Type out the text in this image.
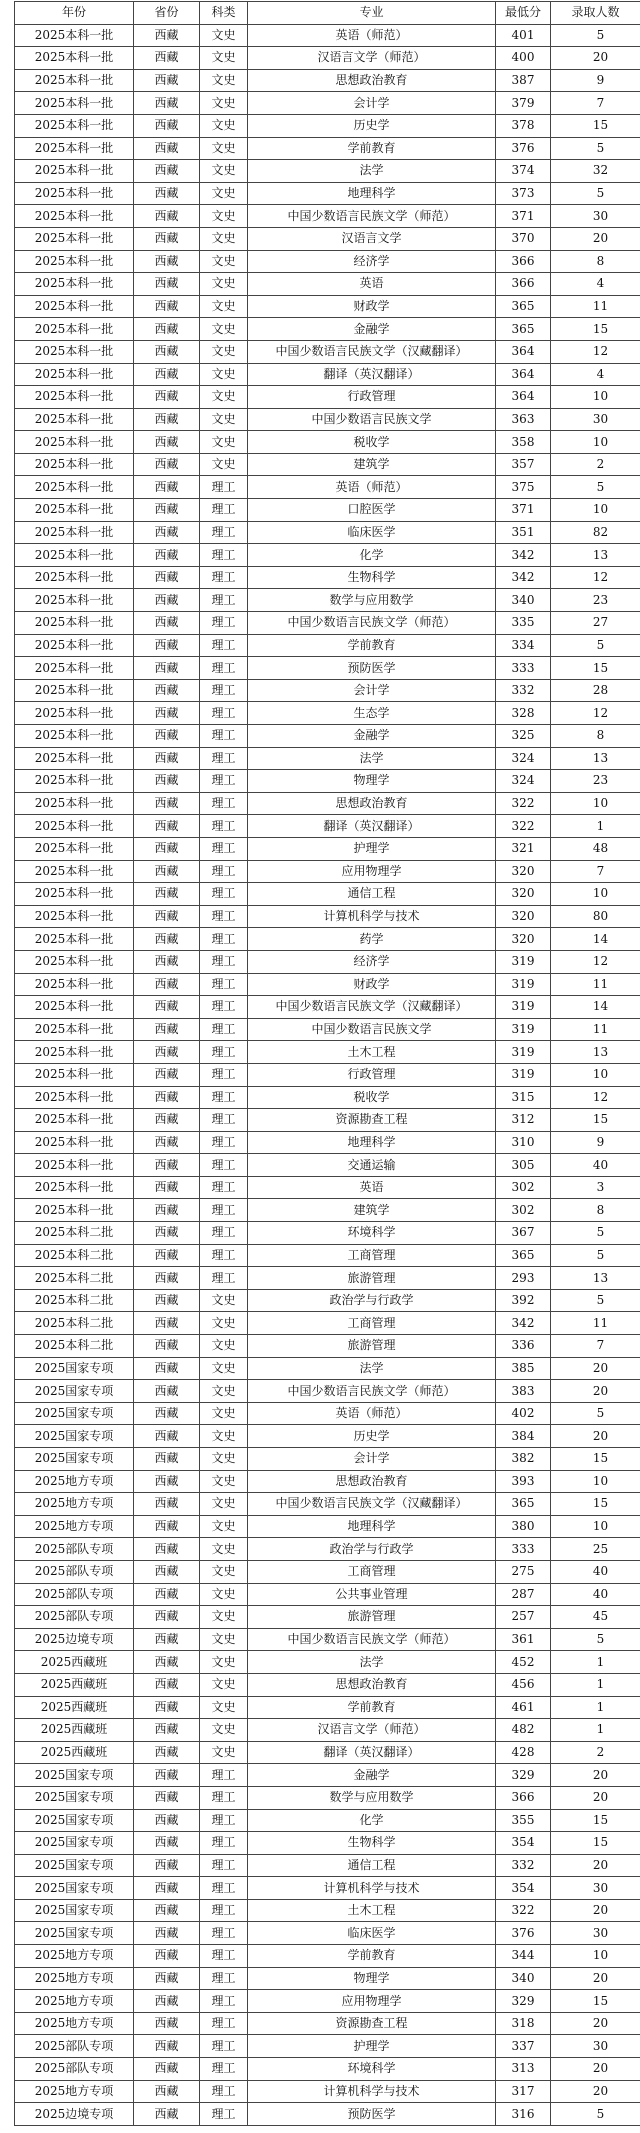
年份	省份	科类	专业	最低分	录取人数
2025本科一批	西藏	文史	英语（师范）	401	5
2025本科一批	西藏	文史	汉语言文学（师范）	400	20
2025本科一批	西藏	文史	思想政治教育	387	9
2025本科一批	西藏	文史	会计学	379	7
2025本科一批	西藏	文史	历史学	378	15
2025本科一批	西藏	文史	学前教育	376	5
2025本科一批	西藏	文史	法学	374	32
2025本科一批	西藏	文史	地理科学	373	5
2025本科一批	西藏	文史	中国少数语言民族文学（师范）	371	30
2025本科一批	西藏	文史	汉语言文学	370	20
2025本科一批	西藏	文史	经济学	366	8
2025本科一批	西藏	文史	英语	366	4
2025本科一批	西藏	文史	财政学	365	11
2025本科一批	西藏	文史	金融学	365	15
2025本科一批	西藏	文史	中国少数语言民族文学（汉藏翻译）	364	12
2025本科一批	西藏	文史	翻译（英汉翻译）	364	4
2025本科一批	西藏	文史	行政管理	364	10
2025本科一批	西藏	文史	中国少数语言民族文学	363	30
2025本科一批	西藏	文史	税收学	358	10
2025本科一批	西藏	文史	建筑学	357	2
2025本科一批	西藏	理工	英语（师范）	375	5
2025本科一批	西藏	理工	口腔医学	371	10
2025本科一批	西藏	理工	临床医学	351	82
2025本科一批	西藏	理工	化学	342	13
2025本科一批	西藏	理工	生物科学	342	12
2025本科一批	西藏	理工	数学与应用数学	340	23
2025本科一批	西藏	理工	中国少数语言民族文学（师范）	335	27
2025本科一批	西藏	理工	学前教育	334	5
2025本科一批	西藏	理工	预防医学	333	15
2025本科一批	西藏	理工	会计学	332	28
2025本科一批	西藏	理工	生态学	328	12
2025本科一批	西藏	理工	金融学	325	8
2025本科一批	西藏	理工	法学	324	13
2025本科一批	西藏	理工	物理学	324	23
2025本科一批	西藏	理工	思想政治教育	322	10
2025本科一批	西藏	理工	翻译（英汉翻译）	322	1
2025本科一批	西藏	理工	护理学	321	48
2025本科一批	西藏	理工	应用物理学	320	7
2025本科一批	西藏	理工	通信工程	320	10
2025本科一批	西藏	理工	计算机科学与技术	320	80
2025本科一批	西藏	理工	药学	320	14
2025本科一批	西藏	理工	经济学	319	12
2025本科一批	西藏	理工	财政学	319	11
2025本科一批	西藏	理工	中国少数语言民族文学（汉藏翻译）	319	14
2025本科一批	西藏	理工	中国少数语言民族文学	319	11
2025本科一批	西藏	理工	土木工程	319	13
2025本科一批	西藏	理工	行政管理	319	10
2025本科一批	西藏	理工	税收学	315	12
2025本科一批	西藏	理工	资源勘查工程	312	15
2025本科一批	西藏	理工	地理科学	310	9
2025本科一批	西藏	理工	交通运输	305	40
2025本科一批	西藏	理工	英语	302	3
2025本科一批	西藏	理工	建筑学	302	8
2025本科二批	西藏	理工	环境科学	367	5
2025本科二批	西藏	理工	工商管理	365	5
2025本科二批	西藏	理工	旅游管理	293	13
2025本科二批	西藏	文史	政治学与行政学	392	5
2025本科二批	西藏	文史	工商管理	342	11
2025本科二批	西藏	文史	旅游管理	336	7
2025国家专项	西藏	文史	法学	385	20
2025国家专项	西藏	文史	中国少数语言民族文学（师范）	383	20
2025国家专项	西藏	文史	英语（师范）	402	5
2025国家专项	西藏	文史	历史学	384	20
2025国家专项	西藏	文史	会计学	382	15
2025地方专项	西藏	文史	思想政治教育	393	10
2025地方专项	西藏	文史	中国少数语言民族文学（汉藏翻译）	365	15
2025地方专项	西藏	文史	地理科学	380	10
2025部队专项	西藏	文史	政治学与行政学	333	25
2025部队专项	西藏	文史	工商管理	275	40
2025部队专项	西藏	文史	公共事业管理	287	40
2025部队专项	西藏	文史	旅游管理	257	45
2025边境专项	西藏	文史	中国少数语言民族文学（师范）	361	5
2025西藏班	西藏	文史	法学	452	1
2025西藏班	西藏	文史	思想政治教育	456	1
2025西藏班	西藏	文史	学前教育	461	1
2025西藏班	西藏	文史	汉语言文学（师范）	482	1
2025西藏班	西藏	文史	翻译（英汉翻译）	428	2
2025国家专项	西藏	理工	金融学	329	20
2025国家专项	西藏	理工	数学与应用数学	366	20
2025国家专项	西藏	理工	化学	355	15
2025国家专项	西藏	理工	生物科学	354	15
2025国家专项	西藏	理工	通信工程	332	20
2025国家专项	西藏	理工	计算机科学与技术	354	30
2025国家专项	西藏	理工	土木工程	322	20
2025国家专项	西藏	理工	临床医学	376	30
2025地方专项	西藏	理工	学前教育	344	10
2025地方专项	西藏	理工	物理学	340	20
2025地方专项	西藏	理工	应用物理学	329	15
2025地方专项	西藏	理工	资源勘查工程	318	20
2025部队专项	西藏	理工	护理学	337	30
2025部队专项	西藏	理工	环境科学	313	20
2025地方专项	西藏	理工	计算机科学与技术	317	20
2025边境专项	西藏	理工	预防医学	316	5
